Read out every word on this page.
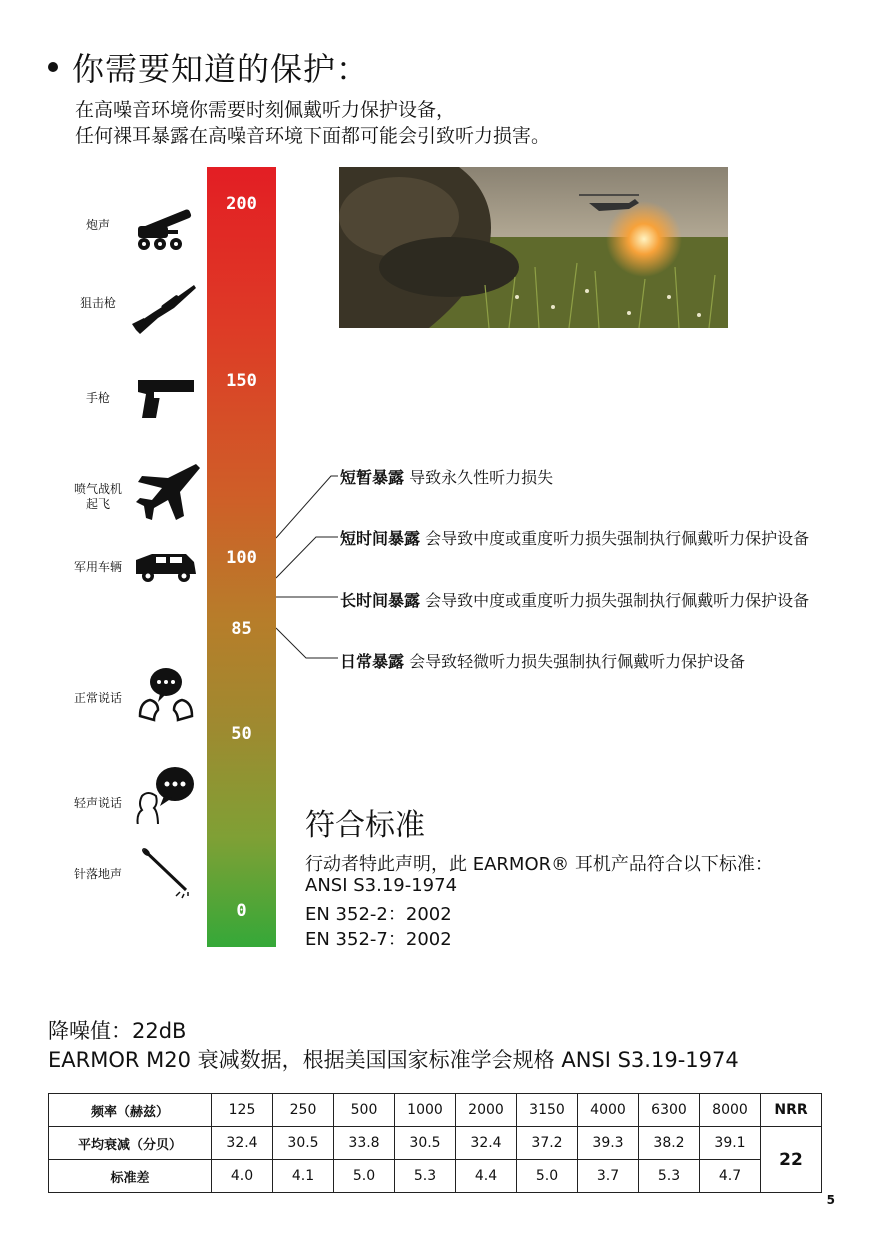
你需要知道的保护：
在高噪音环境你需要时刻佩戴听力保护设备，
任何裸耳暴露在高噪音环境下面都可能会引致听力损害。
200
150
100
85
50
0
炮声
狙击枪
手枪
喷气战机
起飞
军用车辆
正常说话
轻声说话
针落地声
短暂暴露 导致永久性听力损失
短时间暴露 会导致中度或重度听力损失强制执行佩戴听力保护设备
长时间暴露 会导致中度或重度听力损失强制执行佩戴听力保护设备
日常暴露 会导致轻微听力损失强制执行佩戴听力保护设备
符合标准
行动者特此声明，此 EARMOR® 耳机产品符合以下标准：
ANSI S3.19-1974
EN 352-2：2002
EN 352-7：2002
降噪值：22dB
EARMOR M20 衰减数据，根据美国国家标准学会规格 ANSI S3.19-1974
频率（赫兹）	125	250	500	1000	2000	3150	4000	6300	8000	NRR
平均衰减（分贝）	32.4	30.5	33.8	30.5	32.4	37.2	39.3	38.2	39.1	22
标准差	4.0	4.1	5.0	5.3	4.4	5.0	3.7	5.3	4.7	
5
